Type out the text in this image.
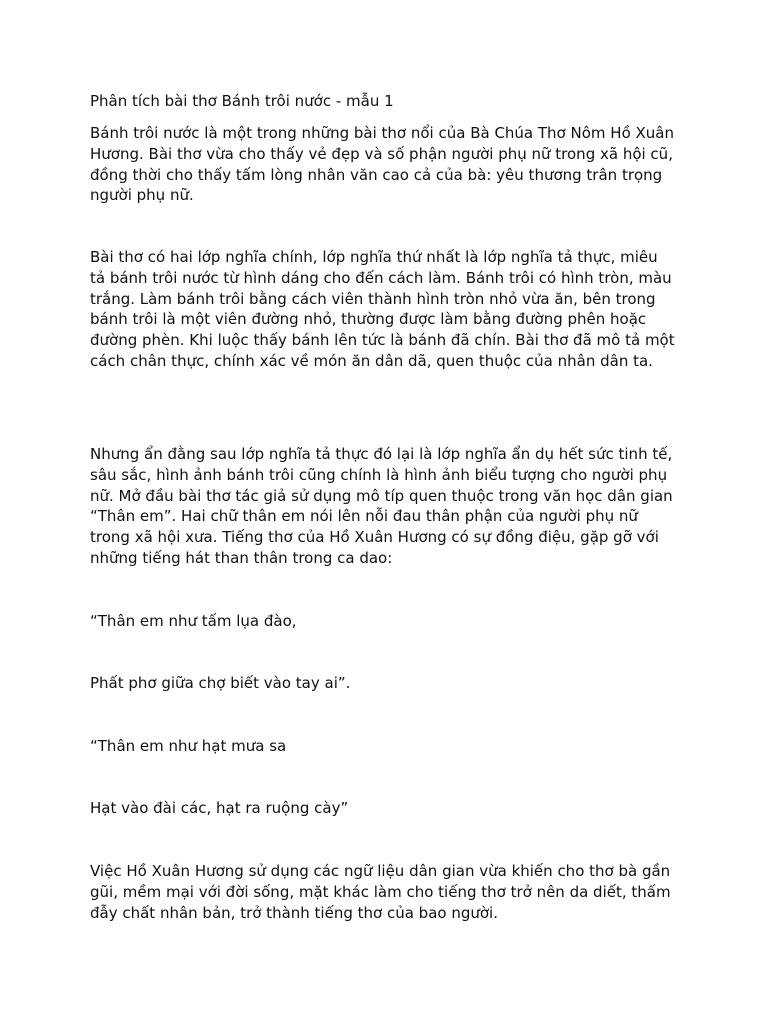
Phân tích bài thơ Bánh trôi nước - mẫu 1
Bánh trôi nước là một trong những bài thơ nổi của Bà Chúa Thơ Nôm Hồ Xuân
Hương. Bài thơ vừa cho thấy vẻ đẹp và số phận người phụ nữ trong xã hội cũ,
đồng thời cho thấy tấm lòng nhân văn cao cả của bà: yêu thương trân trọng
người phụ nữ.
Bài thơ có hai lớp nghĩa chính, lớp nghĩa thứ nhất là lớp nghĩa tả thực, miêu
tả bánh trôi nước từ hình dáng cho đến cách làm. Bánh trôi có hình tròn, màu
trắng. Làm bánh trôi bằng cách viên thành hình tròn nhỏ vừa ăn, bên trong
bánh trôi là một viên đường nhỏ, thường được làm bằng đường phên hoặc
đường phèn. Khi luộc thấy bánh lên tức là bánh đã chín. Bài thơ đã mô tả một
cách chân thực, chính xác về món ăn dân dã, quen thuộc của nhân dân ta.
Nhưng ẩn đằng sau lớp nghĩa tả thực đó lại là lớp nghĩa ẩn dụ hết sức tinh tế,
sâu sắc, hình ảnh bánh trôi cũng chính là hình ảnh biểu tượng cho người phụ
nữ. Mở đầu bài thơ tác giả sử dụng mô típ quen thuộc trong văn học dân gian
“Thân em”. Hai chữ thân em nói lên nỗi đau thân phận của người phụ nữ
trong xã hội xưa. Tiếng thơ của Hồ Xuân Hương có sự đồng điệu, gặp gỡ với
những tiếng hát than thân trong ca dao:
“Thân em như tấm lụa đào,
Phất phơ giữa chợ biết vào tay ai”.
“Thân em như hạt mưa sa
Hạt vào đài các, hạt ra ruộng cày”
Việc Hồ Xuân Hương sử dụng các ngữ liệu dân gian vừa khiến cho thơ bà gần
gũi, mềm mại với đời sống, mặt khác làm cho tiếng thơ trở nên da diết, thấm
đẫy chất nhân bản, trở thành tiếng thơ của bao người.
